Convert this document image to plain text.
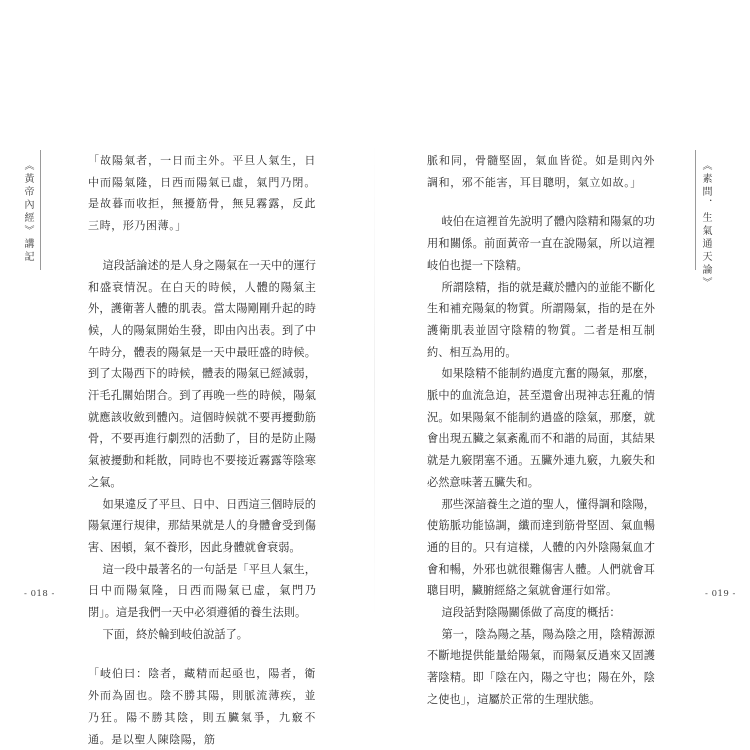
《黃帝內經》講記	「故陽氣者，一日而主外。平旦人氣生，日中而陽氣隆，日西而陽氣已虛，氣門乃閉。是故暮而收拒，無擾筋骨，無見霧露，反此三時，形乃困薄。」

這段話論述的是人身之陽氣在一天中的運行和盛衰情況。在白天的時候，人體的陽氣主外，護衛著人體的肌表。當太陽剛剛升起的時候，人的陽氣開始生發，即由內出表。到了中午時分，體表的陽氣是一天中最旺盛的時候。到了太陽西下的時候，體表的陽氣已經減弱，汗毛孔關始閉合。到了再晚一些的時候，陽氣就應該收斂到體內。這個時候就不要再擾動筋骨，不要再進行劇烈的活動了，目的是防止陽氣被擾動和耗散，同時也不要接近霧露等陰寒之氣。

如果違反了平旦、日中、日西這三個時辰的陽氣運行規律，那結果就是人的身體會受到傷害、困頓，氣不養形，因此身體就會衰弱。

這一段中最著名的一句話是「平旦人氣生，日中而陽氣隆，日西而陽氣已虛，氣門乃閉」。這是我們一天中必須遵循的養生法則。

下面，終於輪到岐伯說話了。

「岐伯曰：陰者，藏精而起亟也，陽者，衛外而為固也。陰不勝其陽，則脈流薄疾，並乃狂。陽不勝其陰，則五臟氣爭，九竅不通。是以聖人陳陰陽，筋

- 018 -
《素問．生氣通天論》

脈和同，骨髓堅固，氣血皆從。如是則內外調和，邪不能害，耳目聰明，氣立如故。」

岐伯在這裡首先說明了體內陰精和陽氣的功用和關係。前面黃帝一直在說陽氣，所以這裡岐伯也提一下陰精。

所謂陰精，指的就是藏於體內的並能不斷化生和補充陽氣的物質。所謂陽氣，指的是在外護衛肌表並固守陰精的物質。二者是相互制約、相互為用的。

如果陰精不能制約過度亢奮的陽氣，那麼，脈中的血流急迫，甚至還會出現神志狂亂的情況。如果陽氣不能制約過盛的陰氣，那麼，就會出現五臟之氣紊亂而不和諧的局面，其結果就是九竅閉塞不通。五臟外連九竅，九竅失和必然意味著五臟失和。

那些深諳養生之道的聖人，懂得調和陰陽，使筋脈功能協調，纖而達到筋骨堅固、氣血暢通的目的。只有這樣，人體的內外陰陽氣血才會和暢，外邪也就很難傷害人體。人們就會耳聰目明，臟腑經絡之氣就會運行如常。

這段話對陰陽關係做了高度的概括：

第一，陰為陽之基，陽為陰之用，陰精源源不斷地提供能量給陽氣，而陽氣反過來又固護著陰精。即「陰在內，陽之守也；陽在外，陰之使也」，這屬於正常的生理狀態。

- 019 -
